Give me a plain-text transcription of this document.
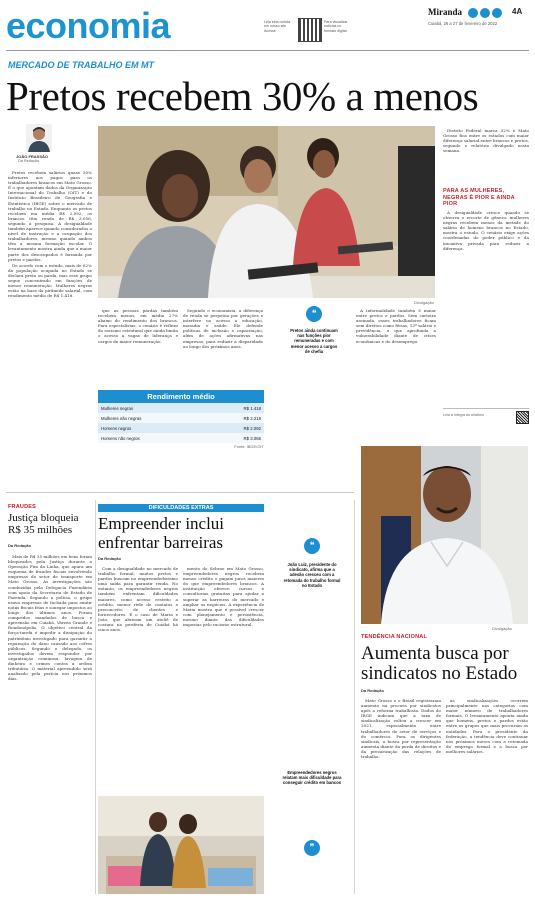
economia	Leia esta notícia
em nosso site
Acesse
Para visualizar
notícias no
formato digital
Miranda	4A
Cuiabá, 26 a 27 de fevereiro de 2022
MERCADO DE TRABALHO EM MT
Pretos recebem 30% a menos
JOÃO FRASSÃO
Da Redação

Pretos recebem salários quase 30% inferiores aos pagos para os trabalhadores brancos em Mato Grosso. É o que apontam dados da Organização Internacional do Trabalho (OIT) e do Instituto Brasileiro de Geografia e Estatística (IBGE) sobre o mercado de trabalho no Estado. Enquanto os pretos recebem em média R$ 2.092, os brancos têm renda de R$ 3.056, segundo a pesquisa. A desigualdade também aparece quando considerados o nível de instrução e a ocupação dos trabalhadores, mesmo quando ambos têm a mesma formação escolar. O levantamento mostra ainda que a maior parte dos desocupados é formada por pretos e pardos.

De acordo com o estudo, mais de 62% da população ocupada no Estado se declara preta ou parda, mas esse grupo segue concentrado em funções de menor remuneração. Mulheres negras estão na base da pirâmide salarial, com rendimento médio de R$ 1.418.

Divulgação

que as pessoas pardas também recebem menos, em média 27% abaixo do rendimento dos brancos. Para especialistas, o cenário é reflexo do racismo estrutural que ainda limita o acesso a vagas de liderança e cargos de maior remuneração.

Segundo o economista, a diferença de renda se perpetua por gerações e interfere no acesso a educação, moradia e saúde. Ele defende políticas de inclusão e capacitação, além de ações afirmativas nas empresas, para reduzir a disparidade ao longo dos próximos anos.

Rendimento médio
Mulheres negras	R$ 1.418
Mulheres não negras	R$ 2.218
Homens negros	R$ 2.092
Homens não negros	R$ 3.056
Fonte: IBGE/OIT
❝
Pretos ainda continuam nas funções pior remuneradas e com menor acesso a cargos de chefia

A informalidade também é maior entre pretos e pardos. Sem carteira assinada, esses trabalhadores ficam sem direitos como férias, 13º salário e previdência, o que aprofunda a vulnerabilidade diante de crises econômicas e do desemprego.

Distrito Federal marca 32% e Mato Grosso fica entre os estados com maior diferença salarial entre brancos e pretos, segundo o relatório divulgado nesta semana.

PARA AS MULHERES, NEGRAS É PIOR E AINDA PIOR

A desigualdade cresce quando se observa o recorte de gênero: mulheres negras recebem menos da metade do salário de homens brancos no Estado, mostra o estudo. O cenário exige ações coordenadas do poder público e da iniciativa privada para reduzir a diferença.

Leia a íntegra do relatório
FRAUDES
Justiça bloqueia R$ 35 milhões
Da Redação

Mais de R$ 35 milhões em bens foram bloqueados pela Justiça durante a Operação Fim da Linha, que apura um esquema de fraudes fiscais envolvendo empresas do setor de transporte em Mato Grosso. As investigações são conduzidas pela Delegacia Fazendária com apoio da Secretaria de Estado de Fazenda. Segundo a polícia, o grupo usava empresas de fachada para emitir notas fiscais frias e sonegar impostos ao longo dos últimos anos. Foram cumpridos mandados de busca e apreensão em Cuiabá, Várzea Grande e Rondonópolis. O objetivo central da força-tarefa é impedir a dissipação do patrimônio investigado para garantir a reparação do dano causado aos cofres públicos. Segundo o delegado, os investigados devem responder por organização criminosa, lavagem de dinheiro e crimes contra a ordem tributária. O material apreendido será analisado pela perícia nos próximos dias.

DIFICULDADES EXTRAS
Empreender inclui enfrentar barreiras
Da Redação

Com a desigualdade no mercado de trabalho formal, muitos pretos e pardos buscam no empreendedorismo uma saída para garantir renda. No entanto, os empreendedores negros também enfrentam dificuldades maiores, como acesso restrito a crédito, menor rede de contatos e preconceito de clientes e fornecedores. É o caso de Maria e João, que abriram um ateliê de costura na periferia de Cuiabá há cinco anos.

mento do Sebrae em Mato Grosso, empreendedores negros recebem menos crédito e pagam juros maiores do que empreendedores brancos. A instituição oferece cursos e consultorias gratuitas para ajudar a superar as barreiras do mercado e ampliar os negócios. A experiência de Maria mostra que é possível crescer com planejamento e persistência, mesmo diante das dificuldades impostas pelo racismo estrutural.

❝
João Luiz, presidente do sindicato, afirma que a adesão cresceu com a retomada do trabalho formal no Estado
Empreendedores negros relatam mais dificuldade para conseguir crédito em bancos
❞
Divulgação
TENDÊNCIA NACIONAL
Aumenta busca por sindicatos no Estado
Da Redação

Mato Grosso e o Brasil registraram aumento na procura por sindicatos após a reforma trabalhista. Dados do IBGE indicam que a taxa de sindicalização voltou a crescer em 2021, especialmente entre trabalhadores do setor de serviços e do comércio. Para os dirigentes sindicais, a busca por representação aumenta diante da perda de direitos e da precarização das relações de trabalho.

as sindicalizações ocorrem principalmente nas categorias com maior número de trabalhadores formais. O levantamento aponta ainda que homens, pretos e pardos estão entre os grupos que mais procuram as entidades. Para o presidente da federação, a tendência deve continuar nos próximos meses com a retomada do emprego formal e a busca por melhores salários.
